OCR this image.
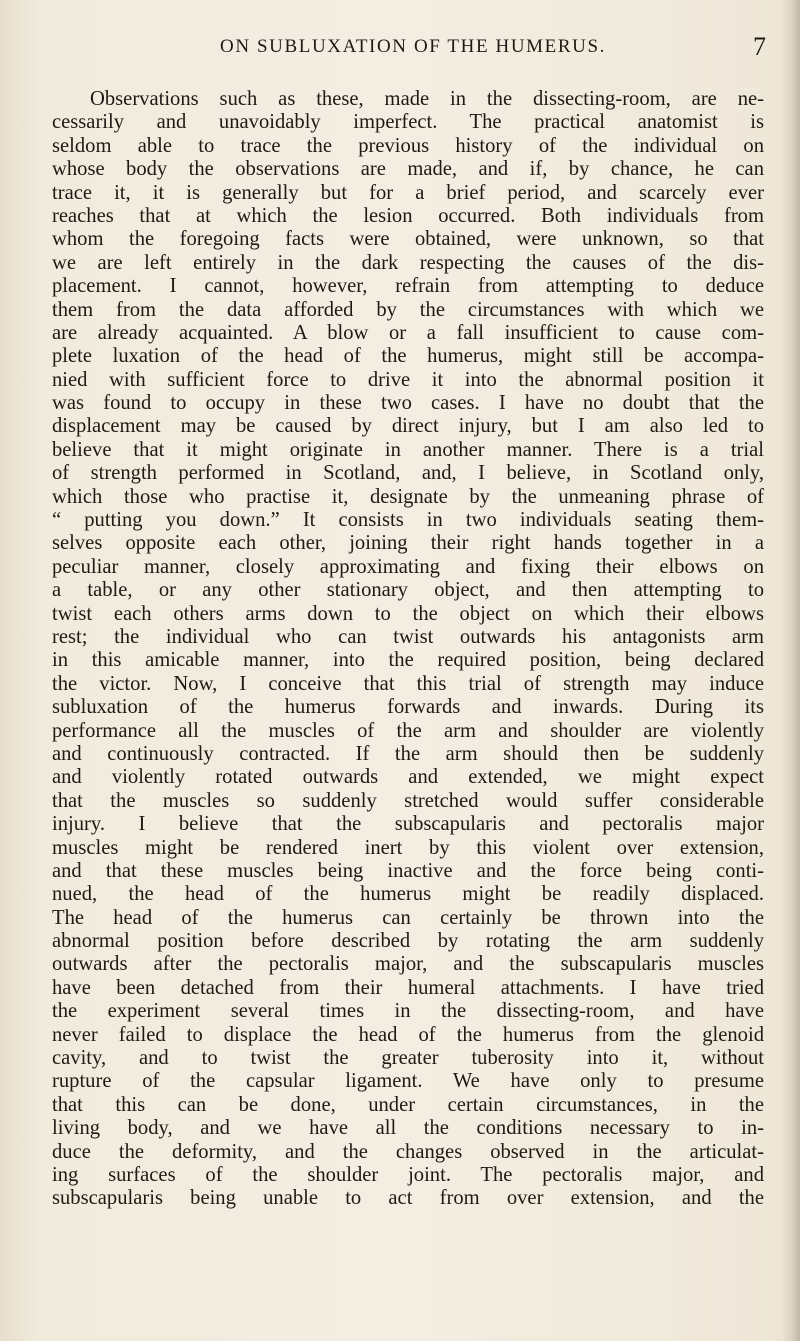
ON SUBLUXATION OF THE HUMERUS.	7
Observations such as these, made in the dissecting-room, are ne-
cessarily and unavoidably imperfect. The practical anatomist is
seldom able to trace the previous history of the individual on
whose body the observations are made, and if, by chance, he can
trace it, it is generally but for a brief period, and scarcely ever
reaches that at which the lesion occurred. Both individuals from
whom the foregoing facts were obtained, were unknown, so that
we are left entirely in the dark respecting the causes of the dis-
placement. I cannot, however, refrain from attempting to deduce
them from the data afforded by the circumstances with which we
are already acquainted. A blow or a fall insufficient to cause com-
plete luxation of the head of the humerus, might still be accompa-
nied with sufficient force to drive it into the abnormal position it
was found to occupy in these two cases. I have no doubt that the
displacement may be caused by direct injury, but I am also led to
believe that it might originate in another manner. There is a trial
of strength performed in Scotland, and, I believe, in Scotland only,
which those who practise it, designate by the unmeaning phrase of
“ putting you down.” It consists in two individuals seating them-
selves opposite each other, joining their right hands together in a
peculiar manner, closely approximating and fixing their elbows on
a table, or any other stationary object, and then attempting to
twist each others arms down to the object on which their elbows
rest; the individual who can twist outwards his antagonists arm
in this amicable manner, into the required position, being declared
the victor. Now, I conceive that this trial of strength may induce
subluxation of the humerus forwards and inwards. During its
performance all the muscles of the arm and shoulder are violently
and continuously contracted. If the arm should then be suddenly
and violently rotated outwards and extended, we might expect
that the muscles so suddenly stretched would suffer considerable
injury. I believe that the subscapularis and pectoralis major
muscles might be rendered inert by this violent over extension,
and that these muscles being inactive and the force being conti-
nued, the head of the humerus might be readily displaced.
The head of the humerus can certainly be thrown into the
abnormal position before described by rotating the arm suddenly
outwards after the pectoralis major, and the subscapularis muscles
have been detached from their humeral attachments. I have tried
the experiment several times in the dissecting-room, and have
never failed to displace the head of the humerus from the glenoid
cavity, and to twist the greater tuberosity into it, without
rupture of the capsular ligament. We have only to presume
that this can be done, under certain circumstances, in the
living body, and we have all the conditions necessary to in-
duce the deformity, and the changes observed in the articulat-
ing surfaces of the shoulder joint. The pectoralis major, and
subscapularis being unable to act from over extension, and the
